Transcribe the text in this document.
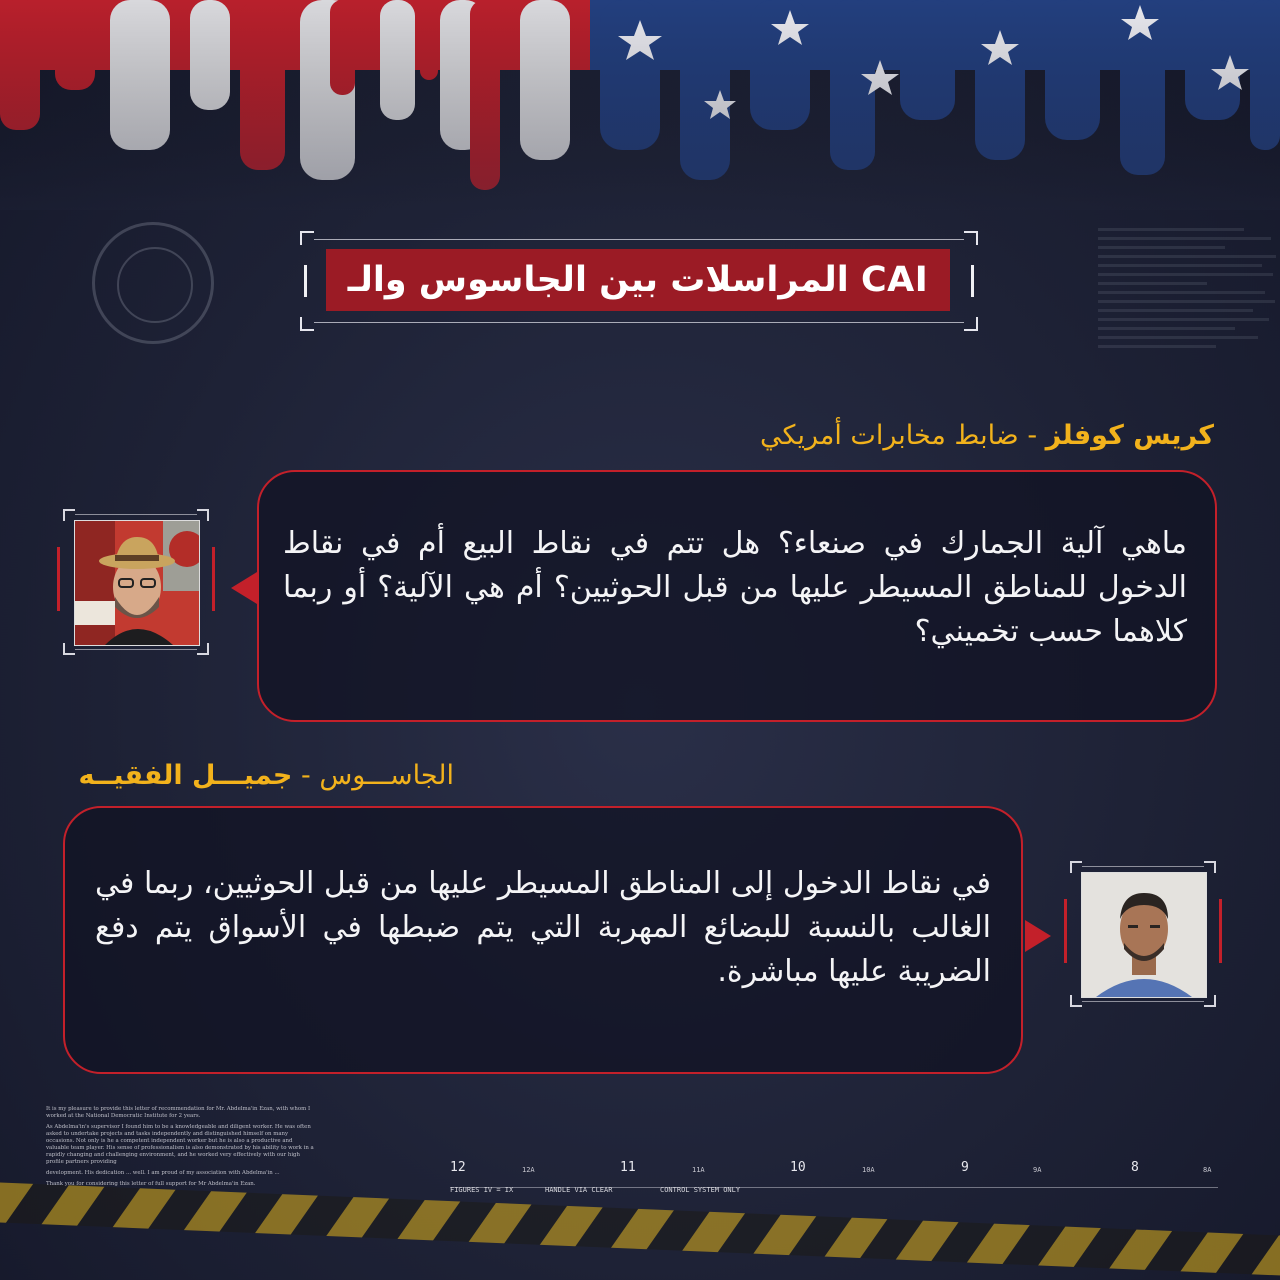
المراسلات بين الجاسوس والـ CAI
كريس كوفلز - ضابط مخابرات أمريكي
ماهي آلية الجمارك في صنعاء؟ هل تتم في نقاط البيع أم في نقاط الدخول للمناطق المسيطر عليها من قبل الحوثيين؟ أم هي الآلية؟ أو ربما كلاهما حسب تخميني؟
الجاســـوس - جميـــل الفقيــه
في نقاط الدخول إلى المناطق المسيطر عليها من قبل الحوثيين، ربما في الغالب بالنسبة للبضائع المهربة التي يتم ضبطها في الأسواق يتم دفع الضريبة عليها مباشرة.
12	12A	11	11A	10	10A	9	9A	8	8A
FIGURES IV = IX	HANDLE VIA CLEAR	CONTROL SYSTEM ONLY

It is my pleasure to provide this letter of recommendation for Mr. Abdelma'in Ezan, with whom I worked at the National Democratic Institute for 2 years.

As Abdelma'in's supervisor I found him to be a knowledgeable and diligent worker. He was often asked to undertake projects and tasks independently and distinguished himself on many occasions. Not only is he a competent independent worker but he is also a productive and valuable team player. His sense of professionalism is also demonstrated by his ability to work in a rapidly changing and challenging environment, and he worked very effectively with our high profile partners providing

development. His dedication ... well. I am proud of my association with Abdelma'in ...

Thank you for considering this letter of full support for Mr Abdelma'in Ezan.
